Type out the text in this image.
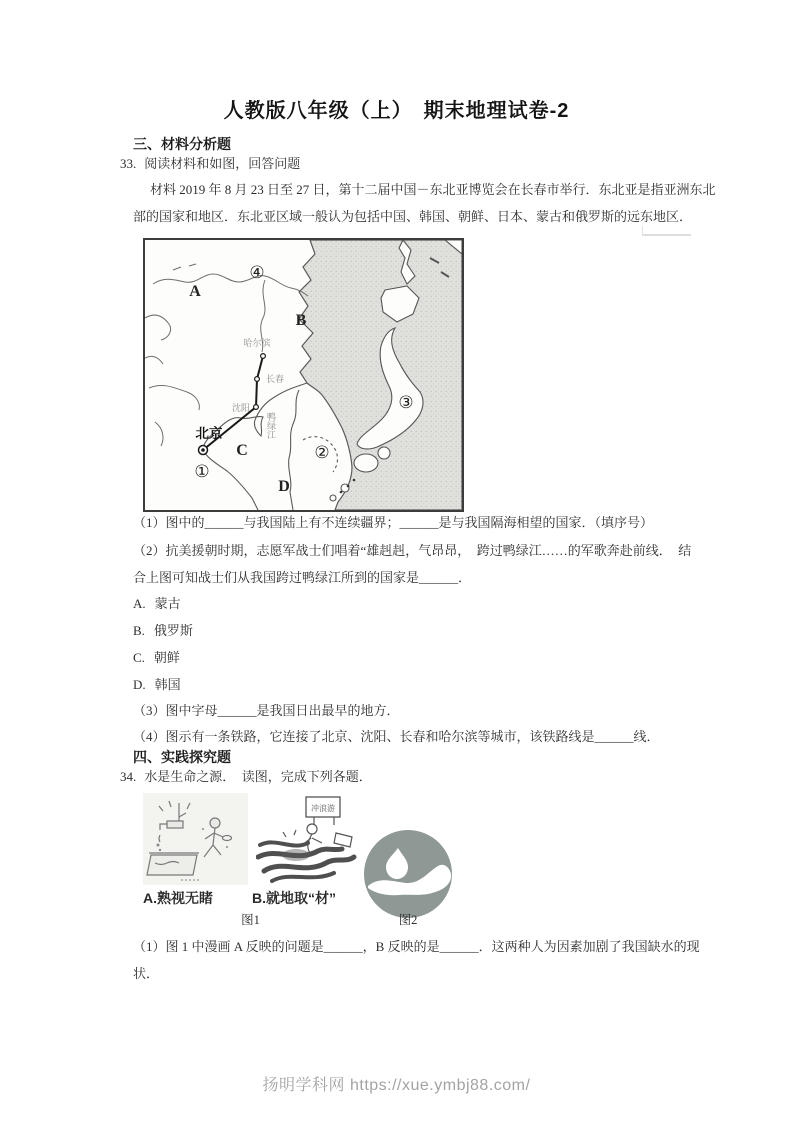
人教版八年级（上）　期末地理试卷-2
三、材料分析题
33. 阅读材料和如图，回答问题
材料 2019 年 8 月 23 日至 27 日，第十二届中国－东北亚博览会在长春市举行．东北亚是指亚洲东北
部的国家和地区．东北亚区域一般认为包括中国、韩国、朝鲜、日本、蒙古和俄罗斯的远东地区．
哈尔滨
长春
沈阳
北京	鸭绿江
①
②
③
④
A
B
C
D
（1）图中的______与我国陆上有不连续疆界；______是与我国隔海相望的国家．（填序号）
（2）抗美援朝时期，志愿军战士们唱着“雄赳赳，气昂昂，　跨过鸭绿江……的军歌奔赴前线．　结
合上图可知战士们从我国跨过鸭绿江所到的国家是______．
A. 蒙古
B. 俄罗斯
C. 朝鲜
D. 韩国
（3）图中字母______是我国日出最早的地方．
（4）图示有一条铁路，它连接了北京、沈阳、长春和哈尔滨等城市，该铁路线是______线．
四、实践探究题
34. 水是生命之源．　读图，完成下列各题．
冲浪游
A.熟视无睹	B.就地取“材”
图1	图2
（1）图 1 中漫画 A 反映的问题是______，B 反映的是______．这两种人为因素加剧了我国缺水的现
状．
扬明学科网 https://xue.ymbj88.com/
